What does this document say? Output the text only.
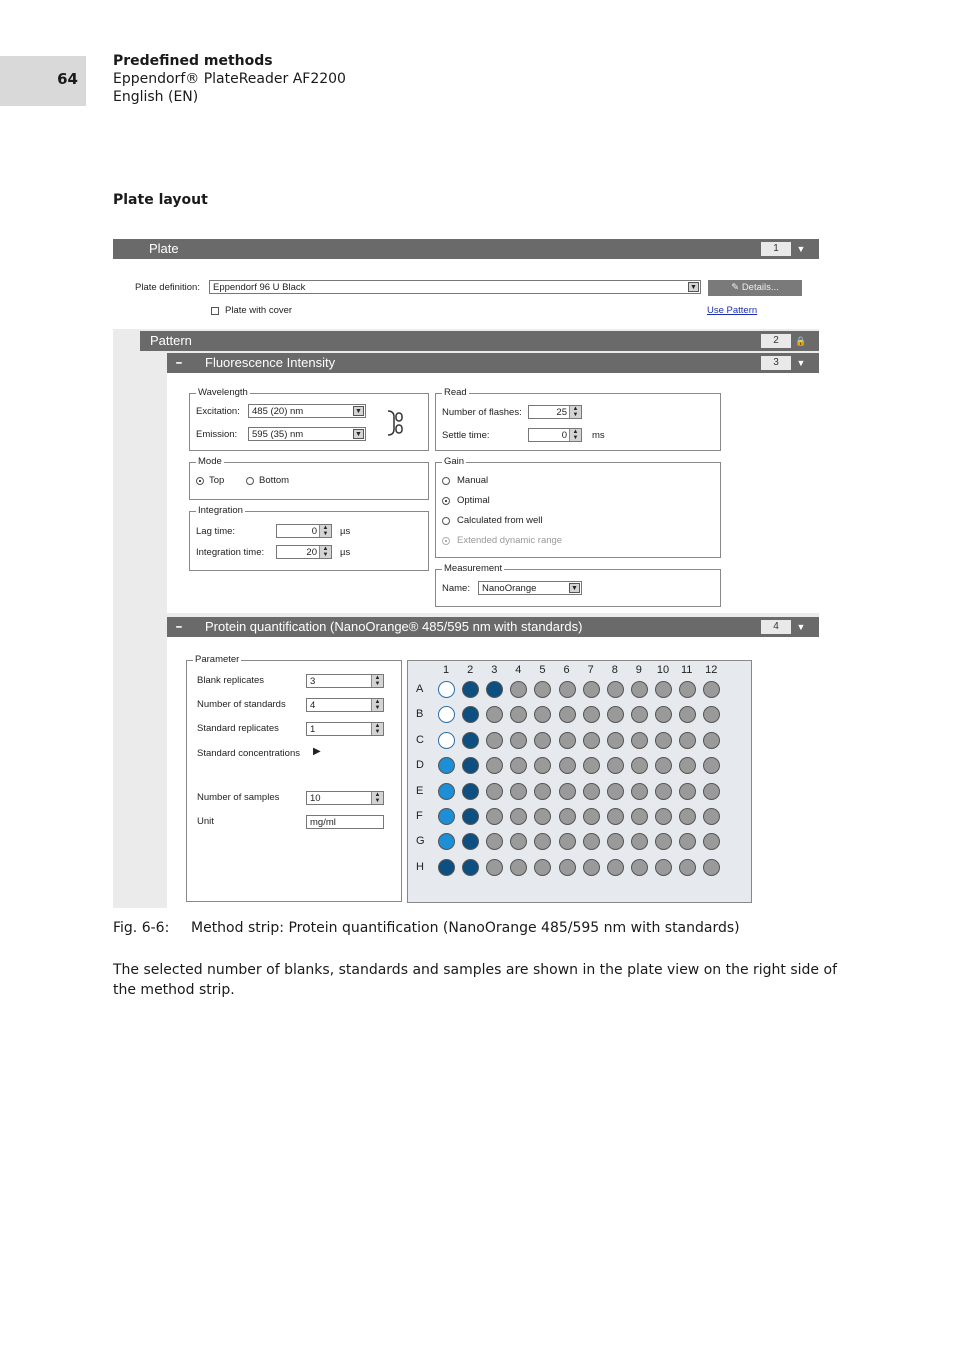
64
Predefined methods
Eppendorf® PlateReader AF2200
English (EN)
Plate layout
Plate	1	▼
Plate definition:	Eppendorf 96 U Black	▼	✎ Details...
Plate with cover	Use Pattern
Pattern	2	🔒
━	Fluorescence Intensity	3	▼
Wavelength
Excitation:	485 (20) nm	▼
Emission:	595 (35) nm	▼
Read
Number of flashes:	25 ▲
▼
Settle time:	0 ▲
▼ ms
Mode
Top	Bottom
Gain
Manual
Optimal
Calculated from well
Extended dynamic range
Integration
Lag time:	0 ▲
▼ µs
Integration time:	20 ▲
▼ µs
Measurement
Name:	NanoOrange	▼
━	Protein quantification (NanoOrange® 485/595 nm with standards)	4	▼
Parameter
Blank replicates	3	▲
▼
Number of standards	4	▲
▼
Standard replicates	1	▲
▼
Standard concentrations ▶
Number of samples	10	▲
▼
Unit	mg/ml
1 2 3 4 5 6 7 8 9 10 11 12
A
B
C
D
E
F
G
H
Fig. 6-6: Method strip: Protein quantification (NanoOrange 485/595 nm with standards)
The selected number of blanks, standards and samples are shown in the plate view on the right side of the method strip.
